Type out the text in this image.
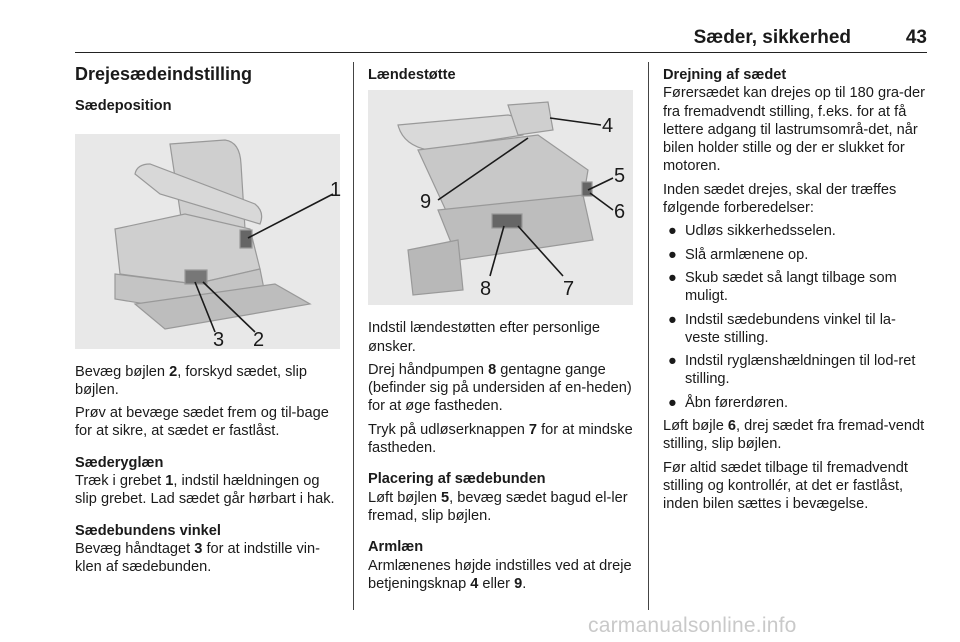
Sæder, sikkerhed	43
Drejesædeindstilling
Sædeposition
1
3 2
Bevæg bøjlen 2, forskyd sædet, slip bøjlen.
Prøv at bevæge sædet frem og til-bage for at sikre, at sædet er fastlåst.
Sæderyglæn
Træk i grebet 1, indstil hældningen og slip grebet. Lad sædet går hørbart i hak.
Sædebundens vinkel
Bevæg håndtaget 3 for at indstille vin-klen af sædebunden.
Lændestøtte
4
5
9	6
8	7
Indstil lændestøtten efter personlige ønsker.
Drej håndpumpen 8 gentagne gange (befinder sig på undersiden af en-heden) for at øge fastheden.
Tryk på udløserknappen 7 for at mindske fastheden.
Placering af sædebunden
Løft bøjlen 5, bevæg sædet bagud el-ler fremad, slip bøjlen.
Armlæn
Armlænenes højde indstilles ved at dreje betjeningsknap 4 eller 9.
Drejning af sædet
Førersædet kan drejes op til 180 gra-der fra fremadvendt stilling, f.eks. for at få lettere adgang til lastrumsområ-det, når bilen holder stille og der er slukket for motoren.
Inden sædet drejes, skal der træffes følgende forberedelser:
● Udløs sikkerhedsselen.
● Slå armlænene op.
● Skub sædet så langt tilbage som muligt.
● Indstil sædebundens vinkel til la-veste stilling.
● Indstil ryglænshældningen til lod-ret stilling.
● Åbn førerdøren.
Løft bøjle 6, drej sædet fra fremad-vendt stilling, slip bøjlen.
Før altid sædet tilbage til fremadvendt stilling og kontrollér, at det er fastlåst, inden bilen sættes i bevægelse.
carmanualsonline.info
